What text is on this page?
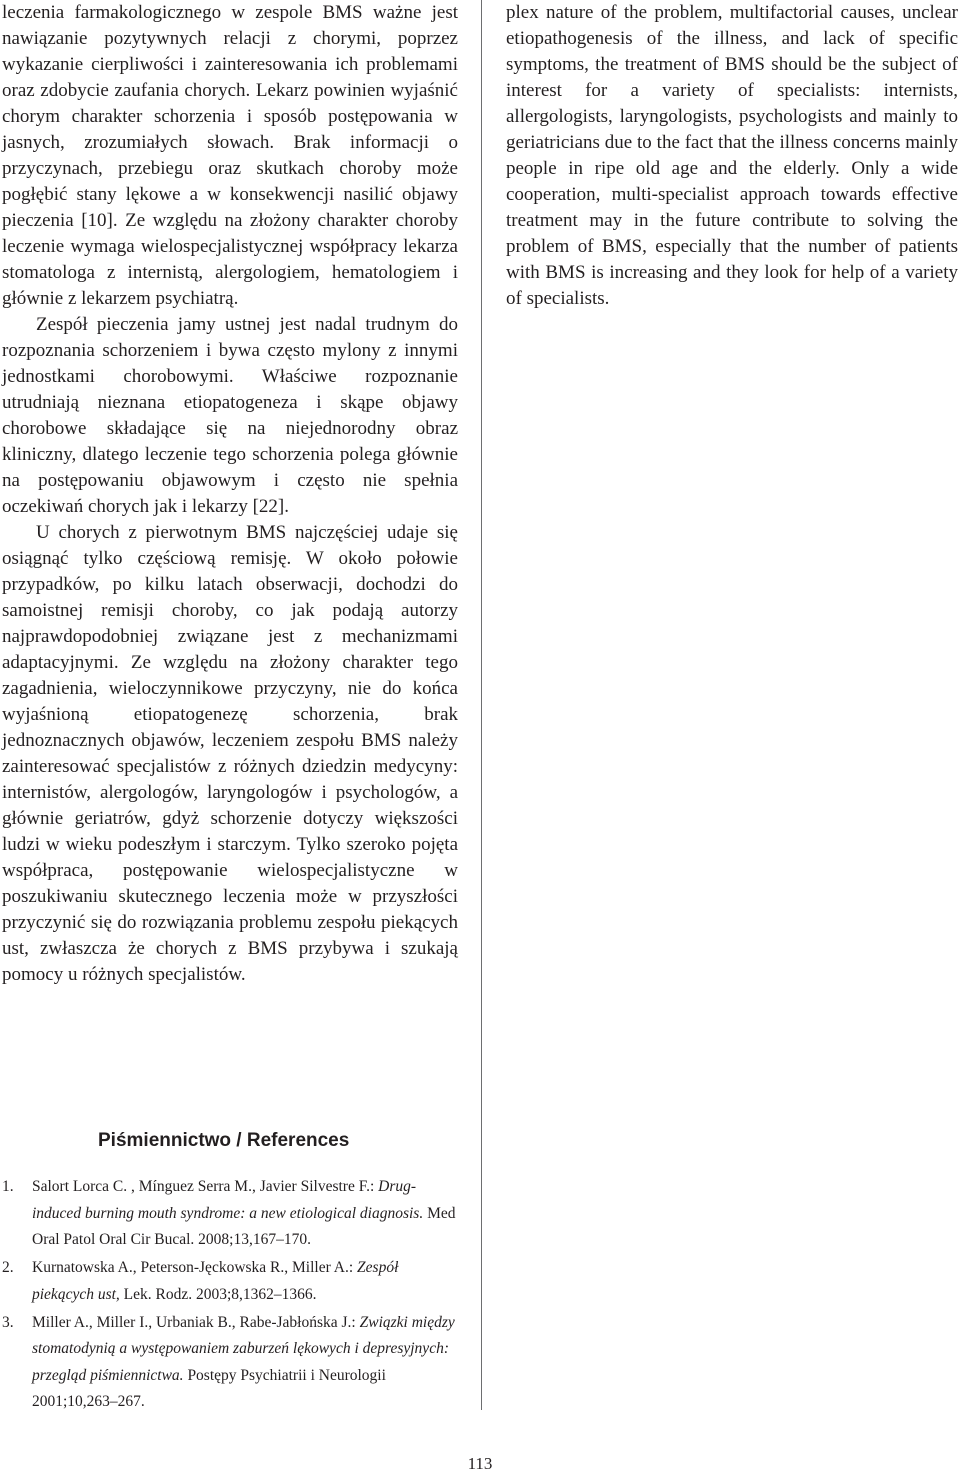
leczenia farmakologicznego w zespole BMS ważne jest nawiązanie pozytywnych relacji z chorymi, poprzez wykazanie cierpliwości i zainteresowania ich problemami oraz zdobycie zaufania chorych. Lekarz powinien wyjaśnić chorym charakter schorzenia i sposób postępowania w jasnych, zrozumiałych słowach. Brak informacji o przyczynach, przebiegu oraz skutkach choroby może pogłębić stany lękowe a w konsekwencji nasilić objawy pieczenia [10]. Ze względu na złożony charakter choroby leczenie wymaga wielospecjalistycznej współpracy lekarza stomatologa z internistą, alergologiem, hematologiem i głównie z lekarzem psychiatrą.

Zespół pieczenia jamy ustnej jest nadal trudnym do rozpoznania schorzeniem i bywa często mylony z innymi jednostkami chorobowymi. Właściwe rozpoznanie utrudniają nieznana etiopatogeneza i skąpe objawy chorobowe składające się na niejednorodny obraz kliniczny, dlatego leczenie tego schorzenia polega głównie na postępowaniu objawowym i często nie spełnia oczekiwań chorych jak i lekarzy [22].

U chorych z pierwotnym BMS najczęściej udaje się osiągnąć tylko częściową remisję. W około połowie przypadków, po kilku latach obserwacji, dochodzi do samoistnej remisji choroby, co jak podają autorzy najprawdopodobniej związane jest z mechanizmami adaptacyjnymi. Ze względu na złożony charakter tego zagadnienia, wieloczynnikowe przyczyny, nie do końca wyjaśnioną etiopatogenezę schorzenia, brak jednoznacznych objawów, leczeniem zespołu BMS należy zainteresować specjalistów z różnych dziedzin medycyny: internistów, alergologów, laryngologów i psychologów, a głównie geriatrów, gdyż schorzenie dotyczy większości ludzi w wieku podeszłym i starczym. Tylko szeroko pojęta współpraca, postępowanie wielospecjalistyczne w poszukiwaniu skutecznego leczenia może w przyszłości przyczynić się do rozwiązania problemu zespołu piekących ust, zwłaszcza że chorych z BMS przybywa i szukają pomocy u różnych specjalistów.

plex nature of the problem, multifactorial causes, unclear etiopathogenesis of the illness, and lack of specific symptoms, the treatment of BMS should be the subject of interest for a variety of specialists: internists, allergologists, laryngologists, psychologists and mainly to geriatricians due to the fact that the illness concerns mainly people in ripe old age and the elderly. Only a wide cooperation, multi-specialist approach towards effective treatment may in the future contribute to solving the problem of BMS, especially that the number of patients with BMS is increasing and they look for help of a variety of specialists.

Piśmiennictwo / References
1. Salort Lorca C. , Mínguez Serra M., Javier Silvestre F.: Drug-induced burning mouth syndrome: a new etiological diagnosis. Med Oral Patol Oral Cir Bucal. 2008;13,167–170.
2. Kurnatowska A., Peterson-Jęckowska R., Miller A.: Zespół piekących ust, Lek. Rodz. 2003;8,1362–1366.
3. Miller A., Miller I., Urbaniak B., Rabe-Jabłońska J.: Związki między stomatodynią a występowaniem zaburzeń lękowych i depresyjnych: przegląd piśmiennictwa. Postępy Psychiatrii i Neurologii 2001;10,263–267.
113
